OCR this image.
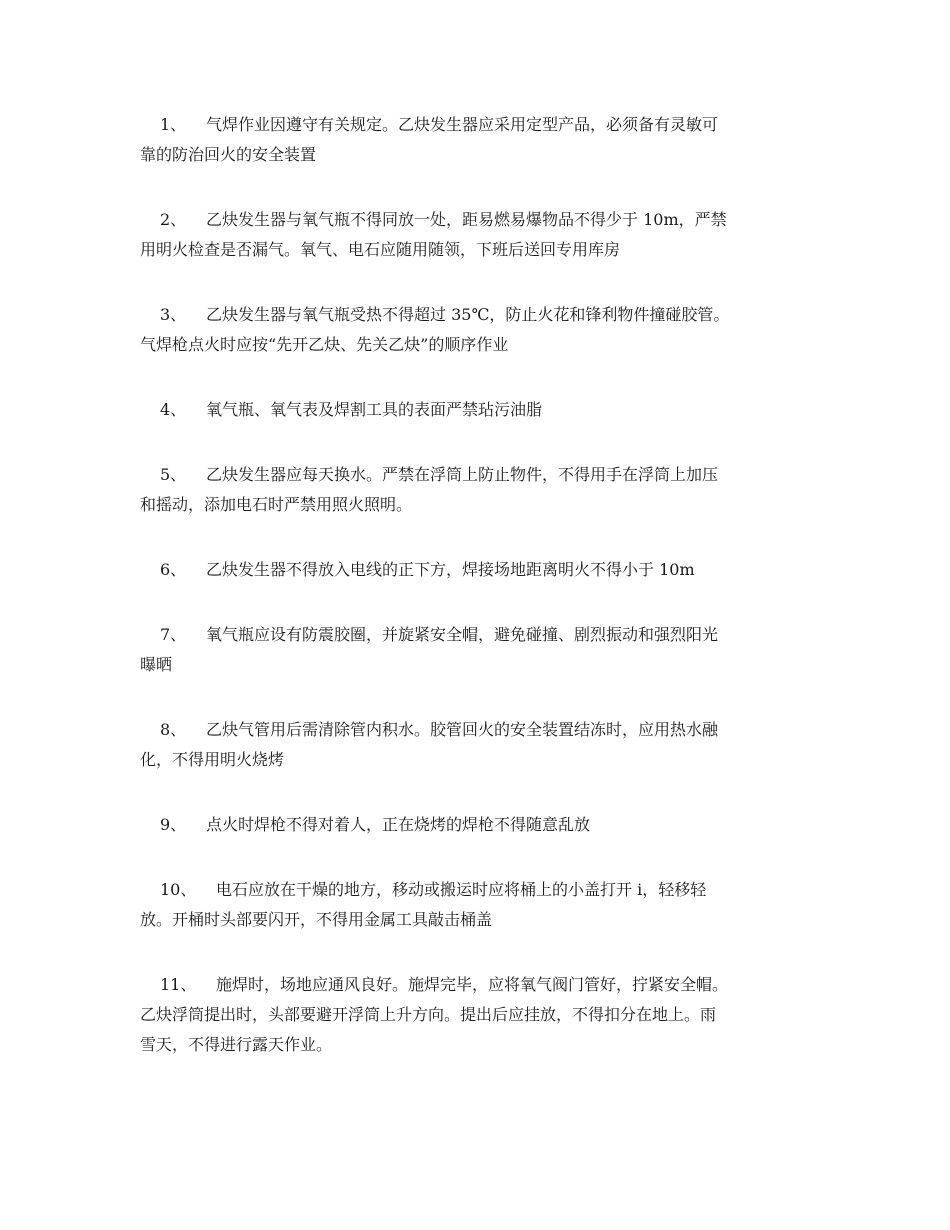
1、 气焊作业因遵守有关规定。乙炔发生器应采用定型产品，必须备有灵敏可
靠的防治回火的安全装置
2、 乙炔发生器与氧气瓶不得同放一处，距易燃易爆物品不得少于 10m，严禁
用明火检查是否漏气。氧气、电石应随用随领，下班后送回专用库房
3、 乙炔发生器与氧气瓶受热不得超过 35℃，防止火花和锋利物件撞碰胶管。
气焊枪点火时应按“先开乙炔、先关乙炔”的顺序作业
4、 氧气瓶、氧气表及焊割工具的表面严禁玷污油脂
5、 乙炔发生器应每天换水。严禁在浮筒上防止物件，不得用手在浮筒上加压
和摇动，添加电石时严禁用照火照明。
6、 乙炔发生器不得放入电线的正下方，焊接场地距离明火不得小于 10m
7、 氧气瓶应设有防震胶圈，并旋紧安全帽，避免碰撞、剧烈振动和强烈阳光
曝晒
8、 乙炔气管用后需清除管内积水。胶管回火的安全装置结冻时，应用热水融
化，不得用明火烧烤
9、 点火时焊枪不得对着人，正在烧烤的焊枪不得随意乱放
10、 电石应放在干燥的地方，移动或搬运时应将桶上的小盖打开 i，轻移轻
放。开桶时头部要闪开，不得用金属工具敲击桶盖
11、 施焊时，场地应通风良好。施焊完毕，应将氧气阀门管好，拧紧安全帽。
乙炔浮筒提出时，头部要避开浮筒上升方向。提出后应挂放，不得扣分在地上。雨
雪天，不得进行露天作业。
